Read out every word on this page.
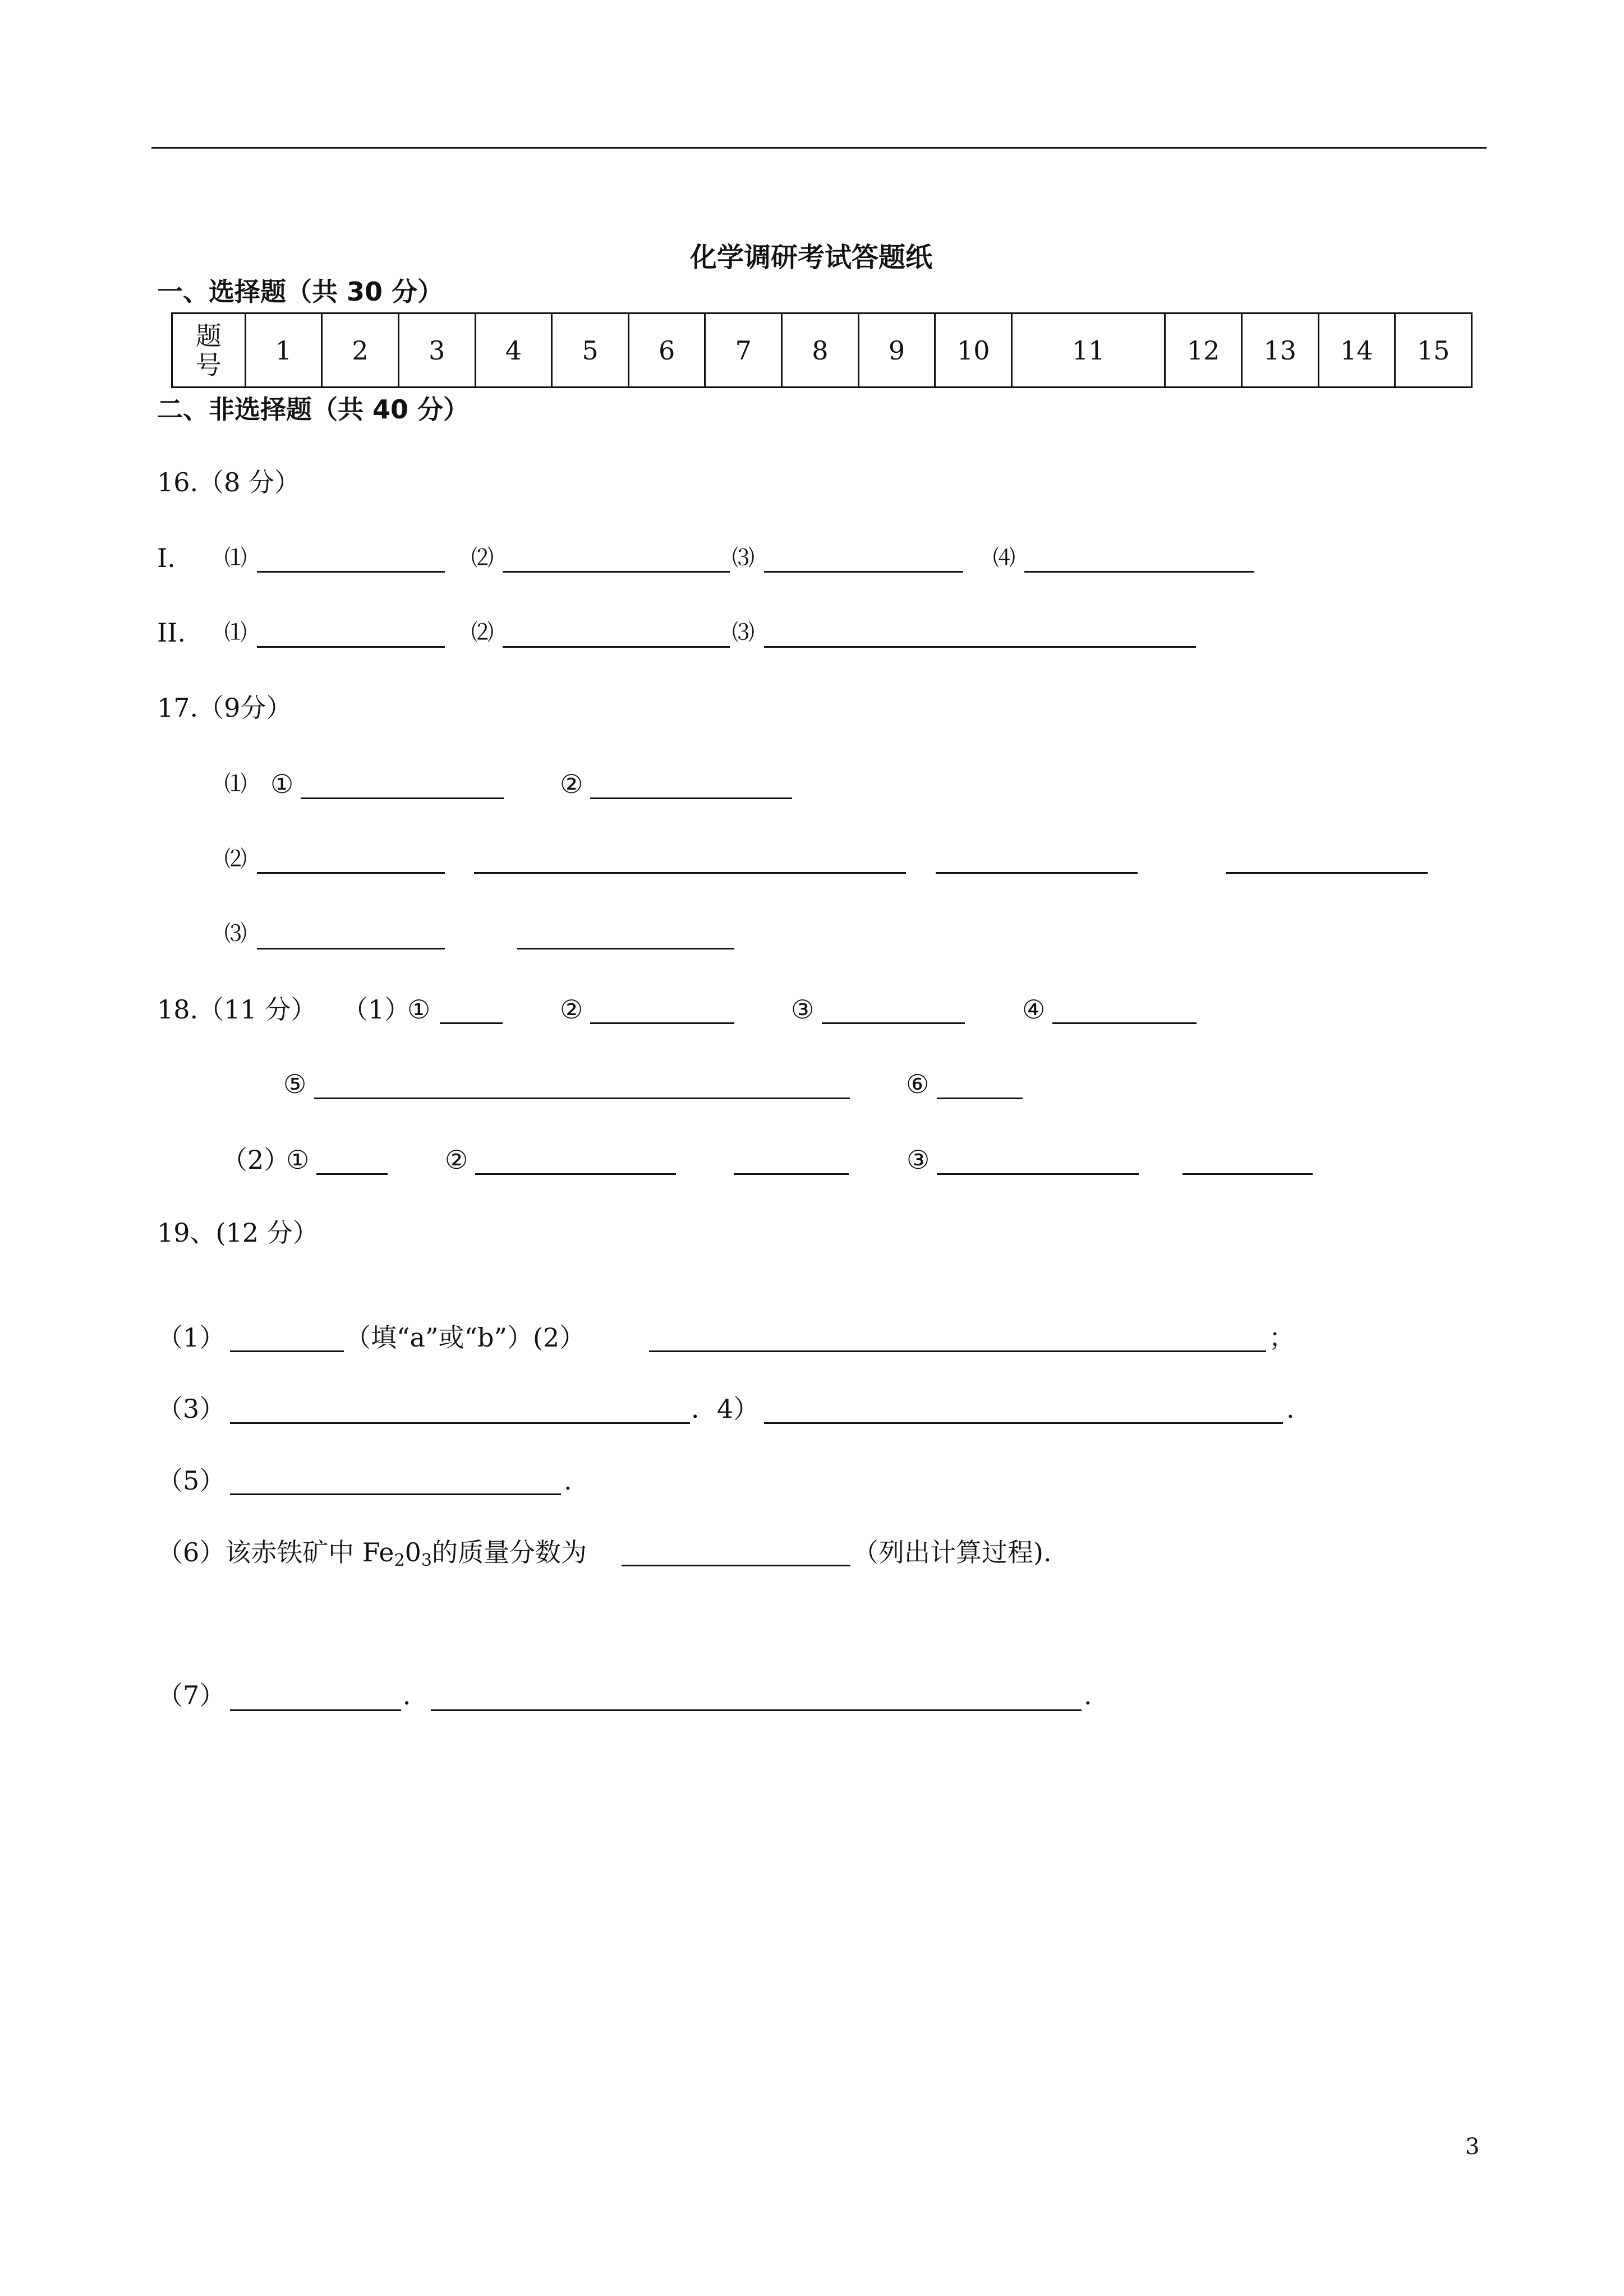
化学调研考试答题纸
一、选择题（共 30 分）
题
号	1	2	3	4	5	6	7	8	9	10	11	12	13	14	15
二、非选择题（共 40 分）
16.（8 分）
I. ⑴	⑵	⑶	⑷
II. ⑴	⑵	⑶
17.（9分）
⑴ ①	②
⑵
⑶
18.（11 分） （1）
①	②	③	④
⑤	⑥
（2）
①	②	③
19、(12 分）
（1）	（填“a”或“b”）(2）	；
（3）	．4）	.
（5）	.
（6）该赤铁矿中 $Fe_20_3$的质量分数为	（列出计算过程).
（7）	．	.
3
